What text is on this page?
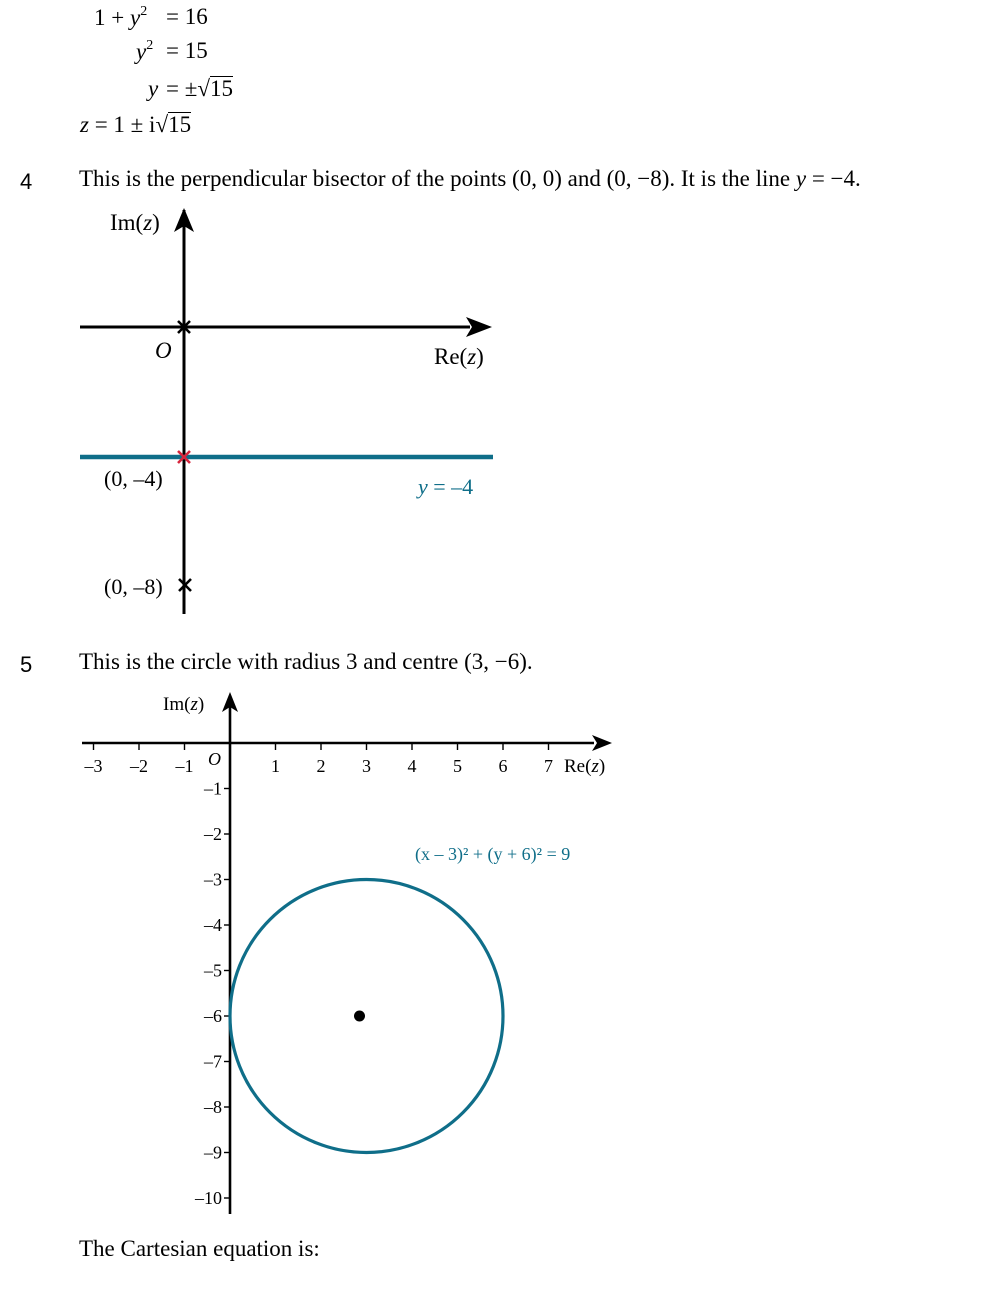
$1 + y^2 = 16$
$y^2 = 15$
y = ±√15
z = 1 ± i√15
4 This is the perpendicular bisector of the points (0, 0) and (0, −8). It is the line y = −4.
Im(z)
O	Re(z)
(0, –4)	y = –4
(0, –8)
5 This is the circle with radius 3 and centre (3, −6).
–3 –2 –1	1 2 3 4 5 6 7
–1
–2
–3
–4
–5
–6
–7
–8
–9
–10
Im(z)
O	Re(z)
(x – 3)² + (y + 6)² = 9
The Cartesian equation is:
